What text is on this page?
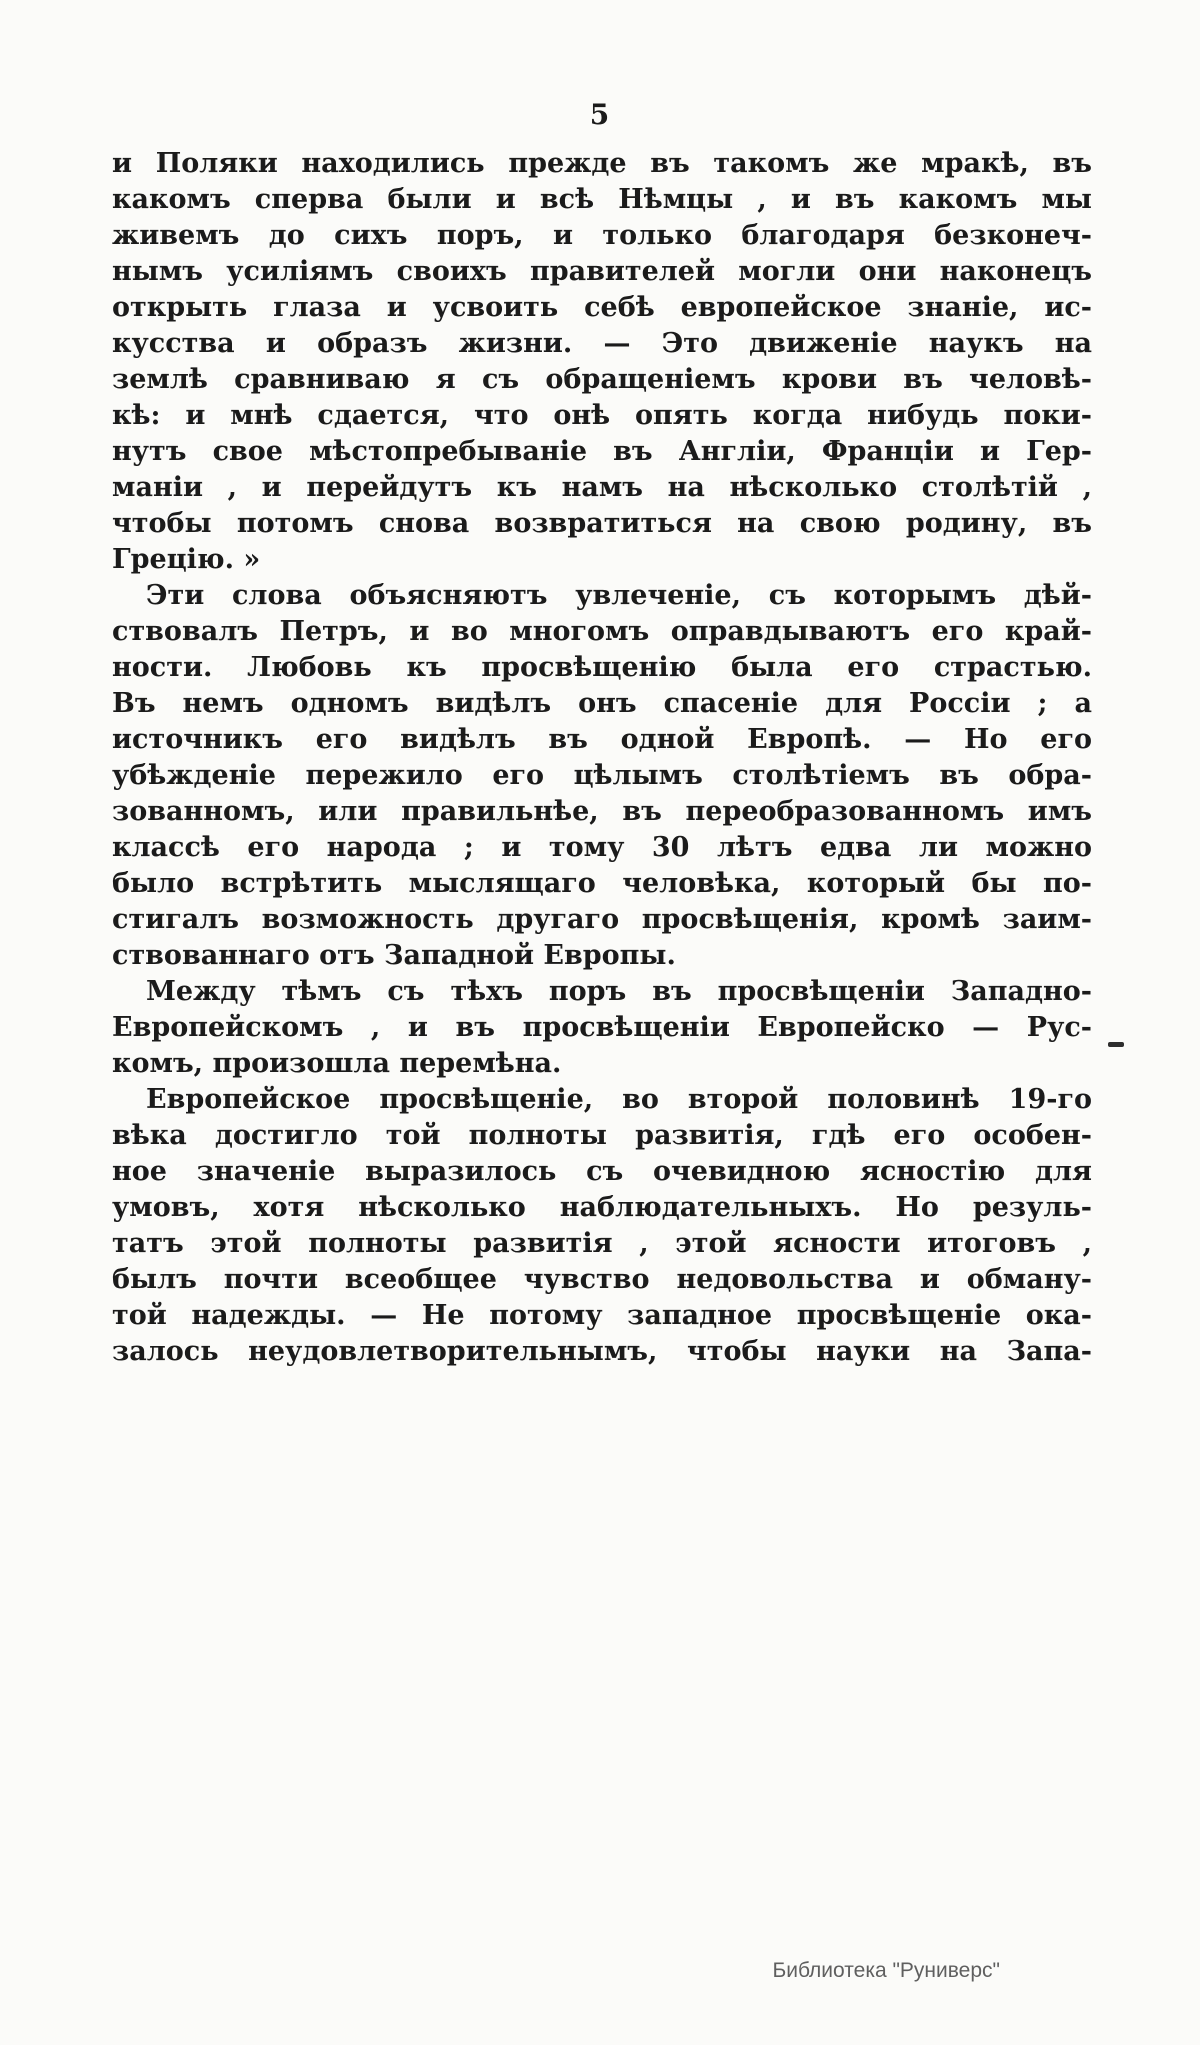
5

и Поляки находились прежде въ такомъ же мракѣ, въ
какомъ сперва были и всѣ Нѣмцы , и въ какомъ мы
живемъ до сихъ поръ, и только благодаря безконеч-
нымъ усиліямъ своихъ правителей могли они наконецъ
открыть глаза и усвоить себѣ европейское знаніе, ис-
кусства и образъ жизни. — Это движеніе наукъ на
землѣ сравниваю я съ обращеніемъ крови въ человѣ-
кѣ: и мнѣ сдается, что онѣ опять когда нибудь поки-
нутъ свое мѣстопребываніе въ Англіи, Франціи и Гер-
маніи , и перейдутъ къ намъ на нѣсколько столѣтій ,
чтобы потомъ снова возвратиться на свою родину, въ
Грецію. »

Эти слова объясняютъ увлеченіе, съ которымъ дѣй-
ствовалъ Петръ, и во многомъ оправдываютъ его край-
ности. Любовь къ просвѣщенію была его страстью.
Въ немъ одномъ видѣлъ онъ спасеніе для Россіи ; а
источникъ его видѣлъ въ одной Европѣ. — Но его
убѣжденіе пережило его цѣлымъ столѣтіемъ въ обра-
зованномъ, или правильнѣе, въ переобразованномъ имъ
классѣ его народа ; и тому 30 лѣтъ едва ли можно
было встрѣтить мыслящаго человѣка, который бы по-
стигалъ возможность другаго просвѣщенія, кромѣ заим-
ствованнаго отъ Западной Европы.

Между тѣмъ съ тѣхъ поръ въ просвѣщеніи Западно-
Европейскомъ , и въ просвѣщеніи Европейско — Рус-
комъ, произошла перемѣна.

Европейское просвѣщеніе, во второй половинѣ 19-го
вѣка достигло той полноты развитія, гдѣ его особен-
ное значеніе выразилось съ очевидною ясностію для
умовъ, хотя нѣсколько наблюдательныхъ. Но резуль-
татъ этой полноты развитія , этой ясности итоговъ ,
былъ почти всеобщее чувство недовольства и обману-
той надежды. — Не потому западное просвѣщеніе ока-
залось неудовлетворительнымъ, чтобы науки на Запа-

Библиотека "Руниверс"
